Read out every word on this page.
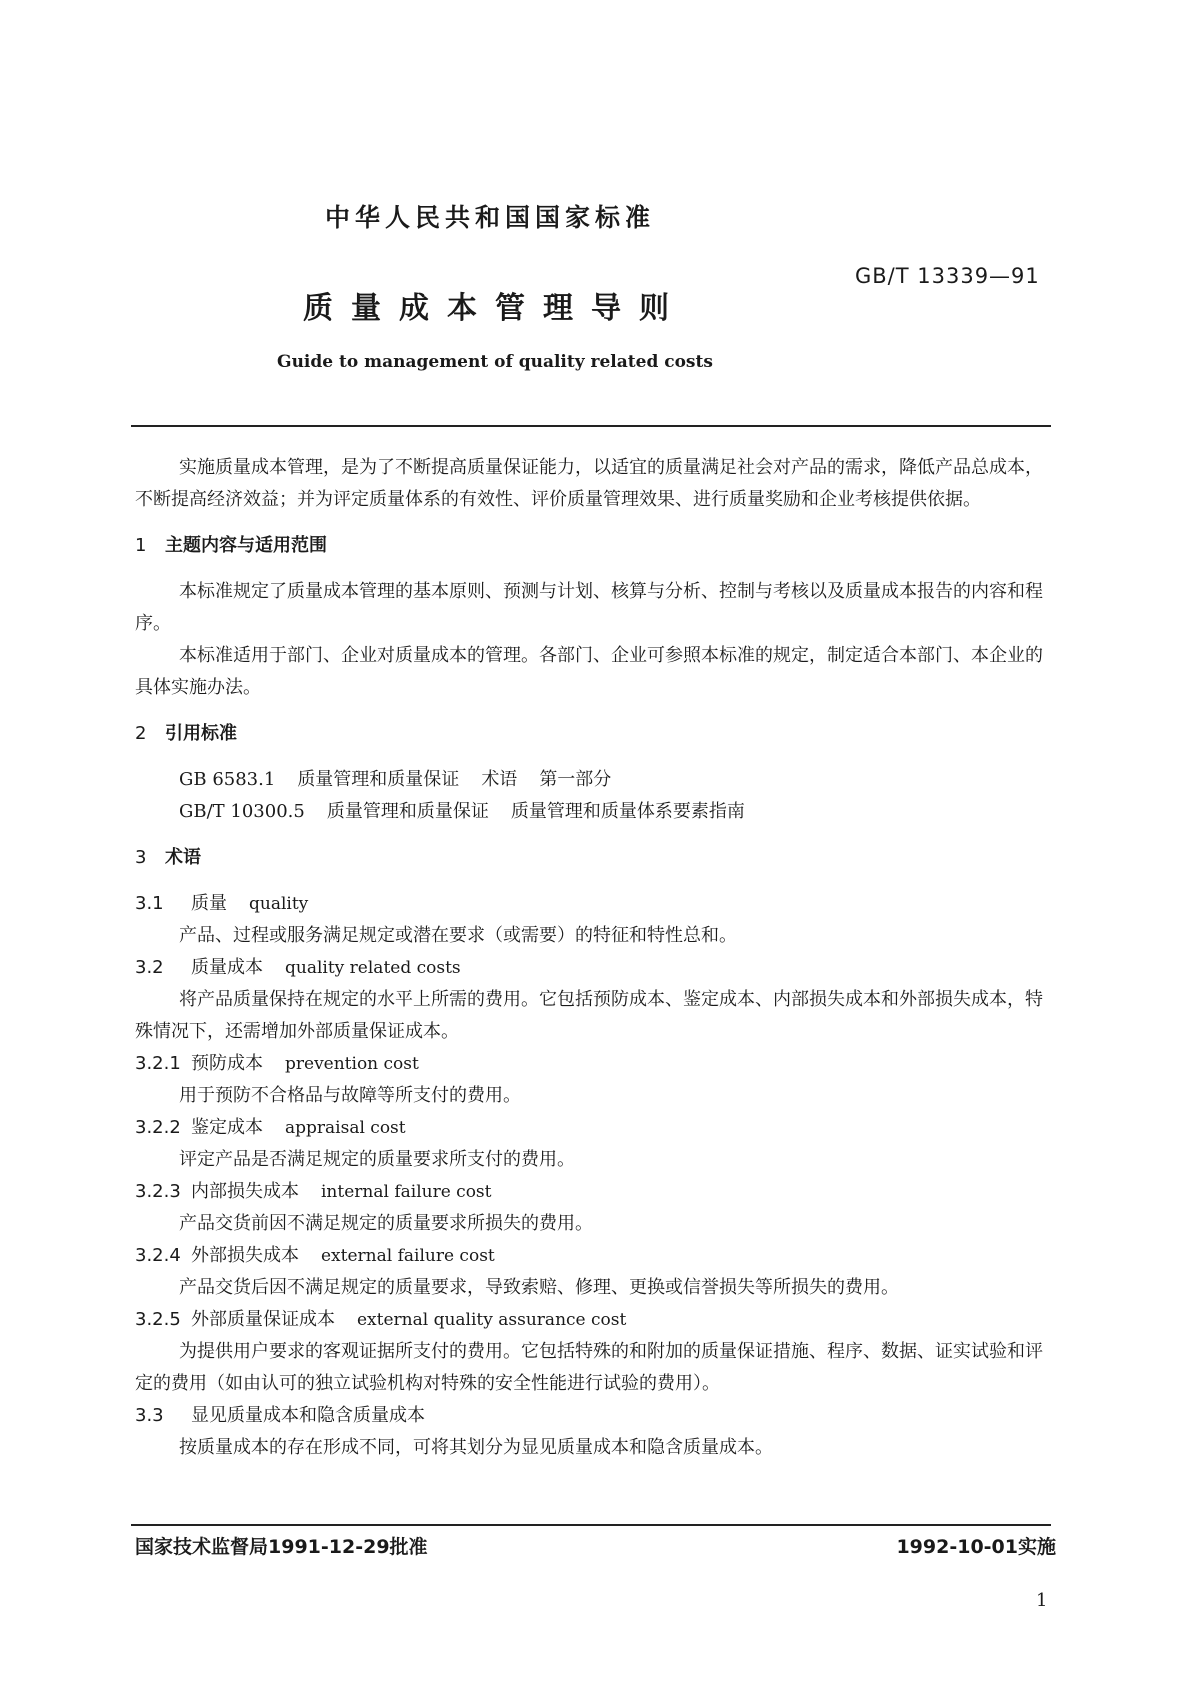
中华人民共和国国家标准
GB/T 13339—91
质量成本管理导则
Guide to management of quality related costs

实施质量成本管理，是为了不断提高质量保证能力，以适宜的质量满足社会对产品的需求，降低产品总成本，不断提高经济效益；并为评定质量体系的有效性、评价质量管理效果、进行质量奖励和企业考核提供依据。

1 主题内容与适用范围

本标准规定了质量成本管理的基本原则、预测与计划、核算与分析、控制与考核以及质量成本报告的内容和程序。

本标准适用于部门、企业对质量成本的管理。各部门、企业可参照本标准的规定，制定适合本部门、本企业的具体实施办法。

2 引用标准

GB 6583.1 质量管理和质量保证 术语 第一部分

GB/T 10300.5 质量管理和质量保证 质量管理和质量体系要素指南

3 术语

3.1 质量 quality

产品、过程或服务满足规定或潜在要求（或需要）的特征和特性总和。

3.2 质量成本 quality related costs

将产品质量保持在规定的水平上所需的费用。它包括预防成本、鉴定成本、内部损失成本和外部损失成本，特殊情况下，还需增加外部质量保证成本。

3.2.1 预防成本 prevention cost

用于预防不合格品与故障等所支付的费用。

3.2.2 鉴定成本 appraisal cost

评定产品是否满足规定的质量要求所支付的费用。

3.2.3 内部损失成本 internal failure cost

产品交货前因不满足规定的质量要求所损失的费用。

3.2.4 外部损失成本 external failure cost

产品交货后因不满足规定的质量要求，导致索赔、修理、更换或信誉损失等所损失的费用。

3.2.5 外部质量保证成本 external quality assurance cost

为提供用户要求的客观证据所支付的费用。它包括特殊的和附加的质量保证措施、程序、数据、证实试验和评定的费用（如由认可的独立试验机构对特殊的安全性能进行试验的费用）。

3.3 显见质量成本和隐含质量成本

按质量成本的存在形成不同，可将其划分为显见质量成本和隐含质量成本。

国家技术监督局1991-12-29批准	1992-10-01实施
1
